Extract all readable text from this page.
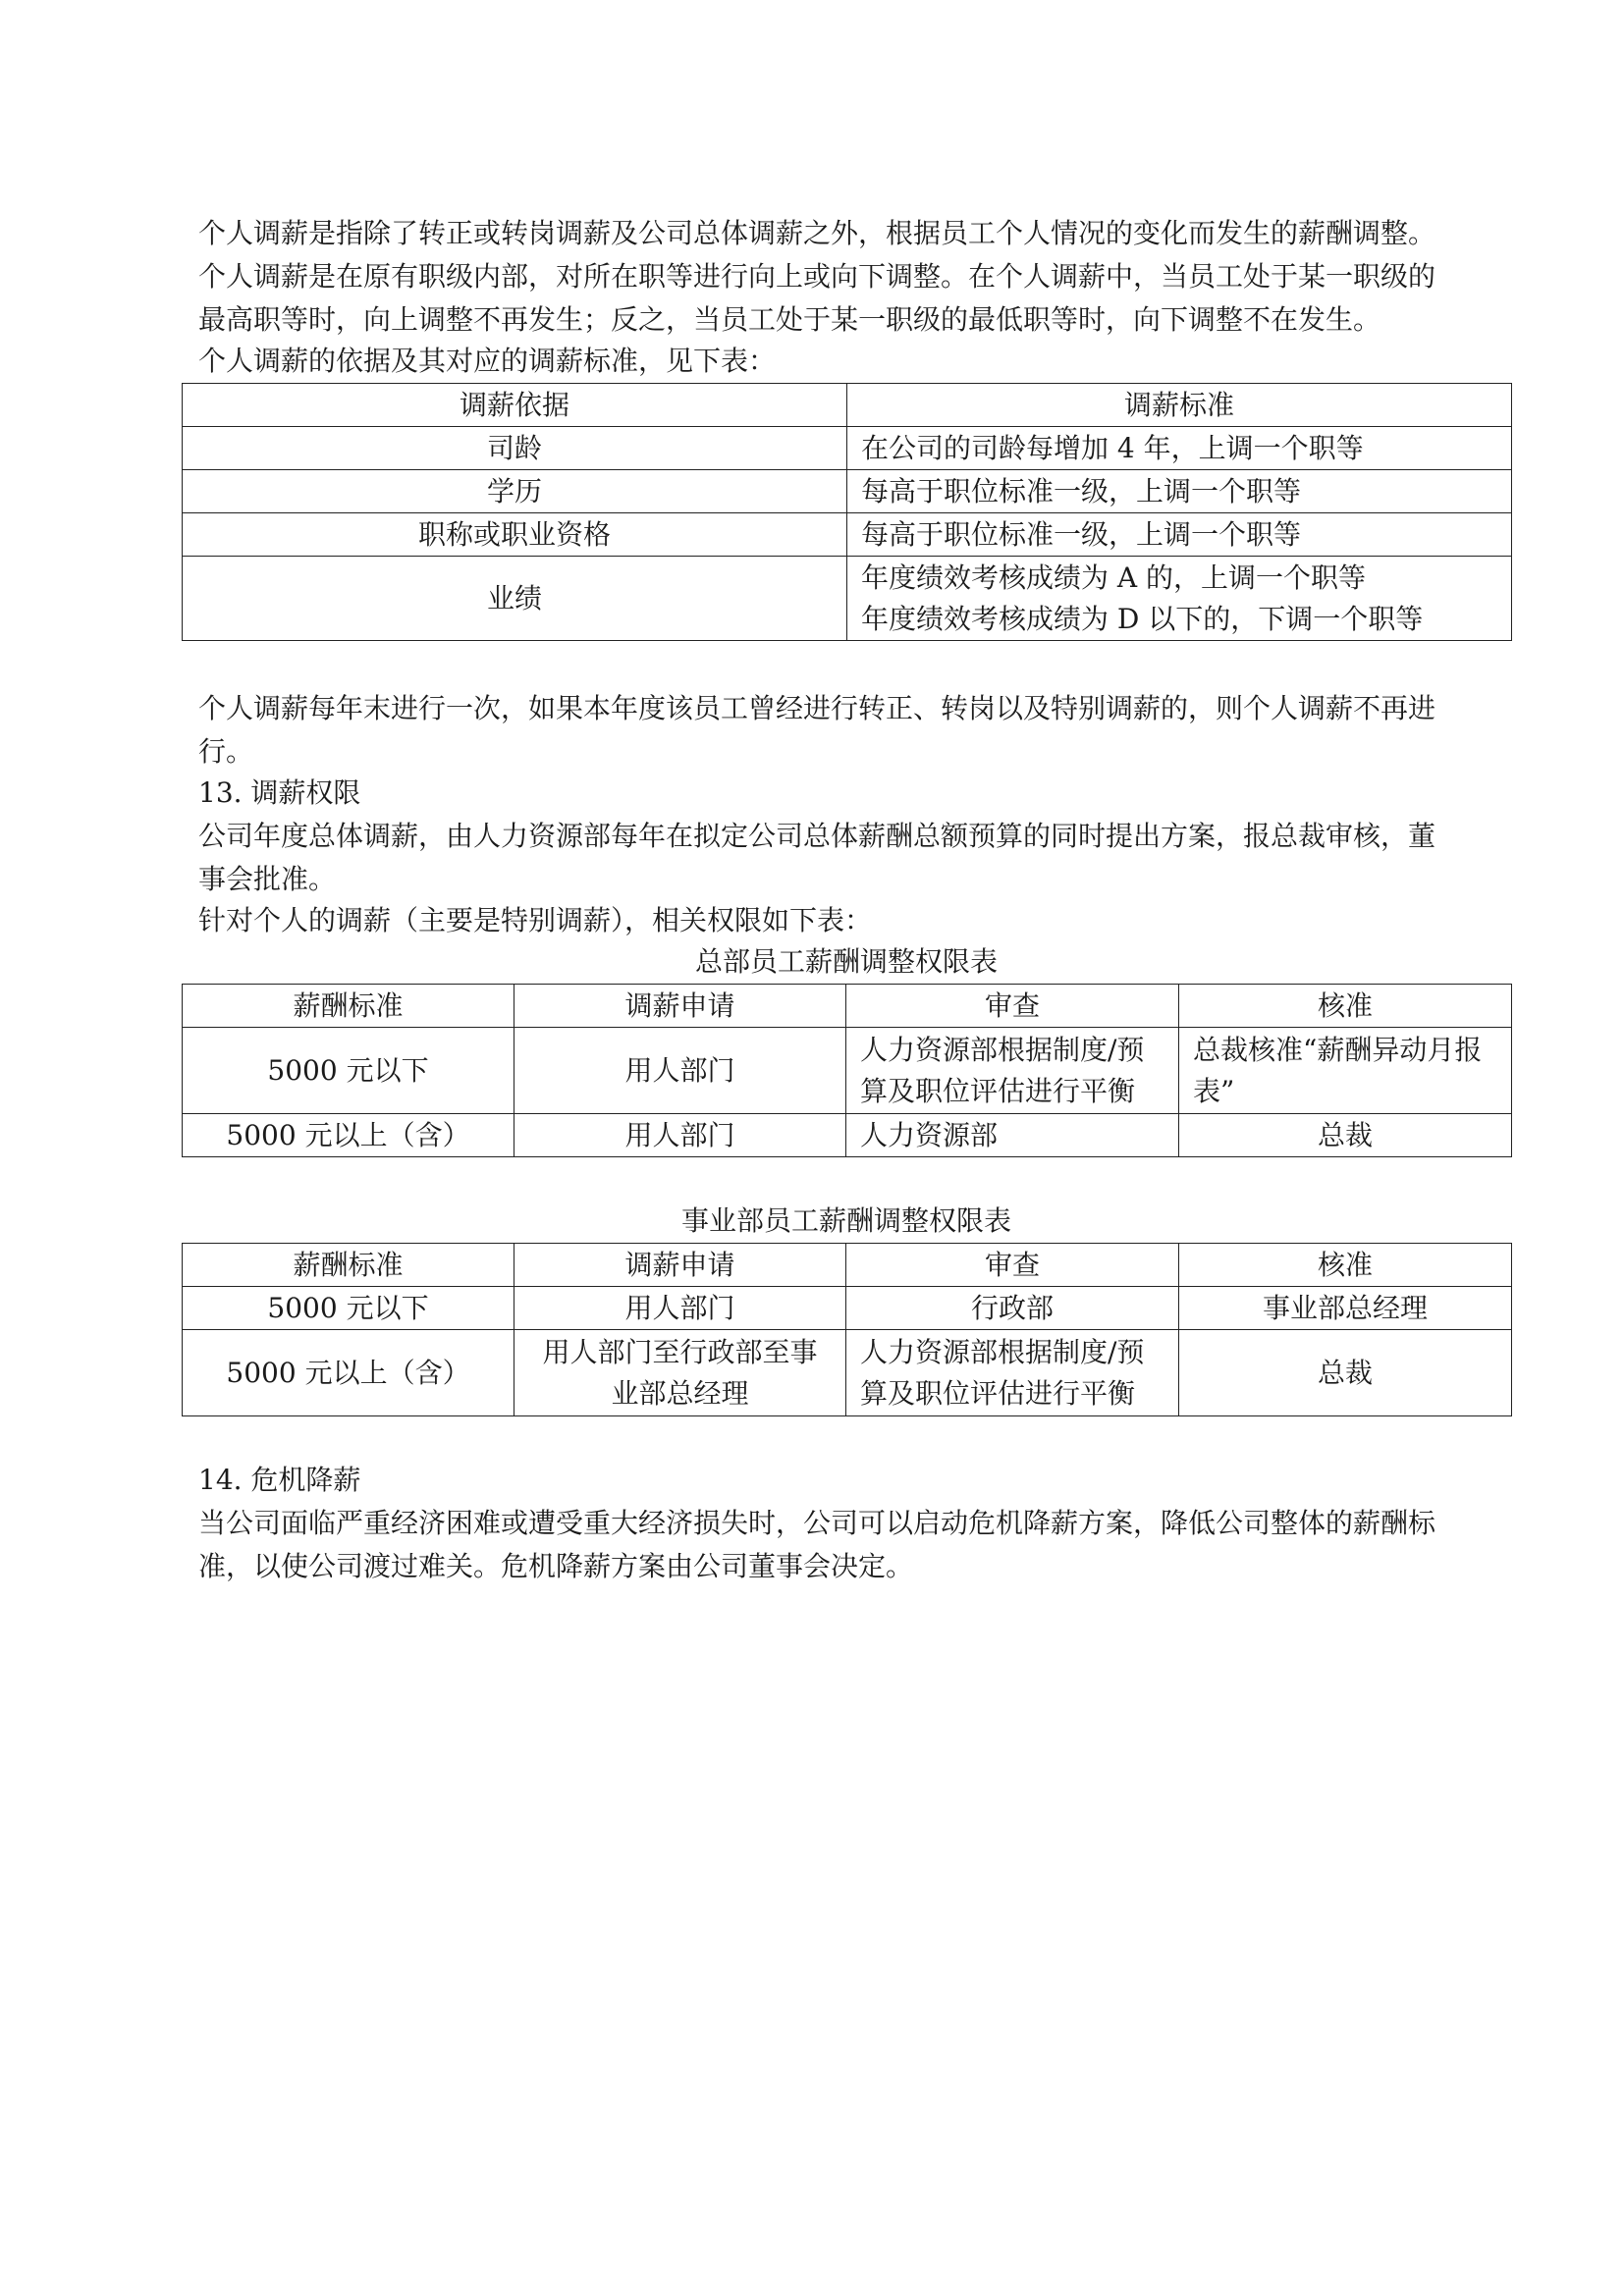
个人调薪是指除了转正或转岗调薪及公司总体调薪之外，根据员工个人情况的变化而发生的薪酬调整。

个人调薪是在原有职级内部，对所在职等进行向上或向下调整。在个人调薪中，当员工处于某一职级的

最高职等时，向上调整不再发生；反之，当员工处于某一职级的最低职等时，向下调整不在发生。

个人调薪的依据及其对应的调薪标准，见下表：

调薪依据	调薪标准
司龄	在公司的司龄每增加 4 年，上调一个职等
学历	每高于职位标准一级，上调一个职等
职称或职业资格	每高于职位标准一级，上调一个职等
业绩	年度绩效考核成绩为 A 的，上调一个职等
年度绩效考核成绩为 D 以下的，下调一个职等

个人调薪每年末进行一次，如果本年度该员工曾经进行转正、转岗以及特别调薪的，则个人调薪不再进

行。

13. 调薪权限

公司年度总体调薪，由人力资源部每年在拟定公司总体薪酬总额预算的同时提出方案，报总裁审核，董

事会批准。

针对个人的调薪（主要是特别调薪），相关权限如下表：

总部员工薪酬调整权限表

薪酬标准	调薪申请	审查	核准
5000 元以下	用人部门	人力资源部根据制度/预
算及职位评估进行平衡	总裁核准“薪酬异动月报
表”

5000 元以上（含）	用人部门	人力资源部	总裁

事业部员工薪酬调整权限表

薪酬标准	调薪申请	审查	核准
5000 元以下	用人部门	行政部	事业部总经理
5000 元以上（含）	用人部门至行政部至事
业部总经理	人力资源部根据制度/预
算及职位评估进行平衡	总裁

14. 危机降薪

当公司面临严重经济困难或遭受重大经济损失时，公司可以启动危机降薪方案，降低公司整体的薪酬标

准，以使公司渡过难关。危机降薪方案由公司董事会决定。
